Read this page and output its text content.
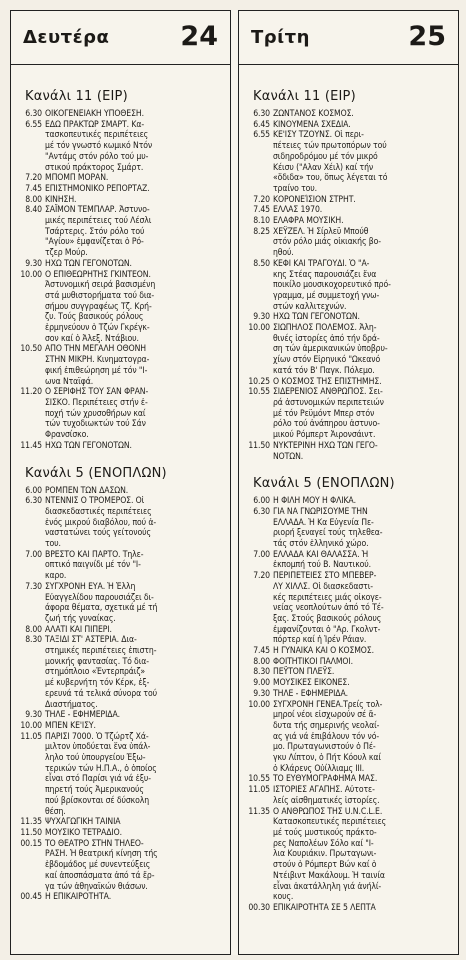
Δευτέρα	24
Κανάλι 11 (ΕΙΡ)
6.30 ΟΙΚΟΓΕΝΕΙΑΚΗ ΥΠΟΘΕΣΗ.
6.55 ΕΔΩ ΠΡΑΚΤΩΡ ΣΜΑΡΤ. Κα-
τασκοπευτικές περιπέτειες
μέ τόν γνωστό κωμικό Ντόν
"Αντάμς στόν ρόλο τού μυ-
στικού πράκτορος Σμάρτ.
7.20 ΜΠΟΜΠ ΜΟΡΑΝ.
7.45 ΕΠΙΣΤΗΜΟΝΙΚΟ ΡΕΠΟΡΤΑΖ.
8.00 ΚΙΝΗΣΗ.
8.40 ΣΑΪΜΟΝ ΤΕΜΠΛΑΡ. Ἀστυνο-
μικές περιπέτειες τού Λέσλι
Τσάρτερις. Στόν ρόλο τού
"Αγίου» ἐμφανίζεται ὁ Ρό-
τζερ Μούρ.
9.30 ΗΧΩ ΤΩΝ ΓΕΓΟΝΟΤΩΝ.
10.00 Ο ΕΠΙΘΕΩΡΗΤΗΣ ΓΚΙΝΤΕΟΝ.
Ἀστυνομική σειρά βασισμένη
στά μυθιστορήματα τού δια-
σήμου συγγραφέως Τζ. Κρή-
ζυ. Τούς βασικούς ρόλους
ἑρμηνεύουν ὁ Τζών Γκρέγκ-
σον καί ὁ Ἀλεξ. Ντάβιου.
10.50 ΑΠΟ ΤΗΝ ΜΕΓΑΛΗ ΟΘΟΝΗ
ΣΤΗΝ ΜΙΚΡΗ. Κινηματογρα-
φική ἐπιθεώρηση μέ τόν "Ι-
ωνα Νταϊφά.
11.20 Ο ΣΕΡΙΦΗΣ ΤΟΥ ΣΑΝ ΦΡΑΝ-
ΣΙΣΚΟ. Περιπέτειες στήν ἐ-
ποχή τών χρυσοθήρων καί
τών τυχοδιωκτών τού Σάν
Φρανσίσκο.
11.45 ΗΧΩ ΤΩΝ ΓΕΓΟΝΟΤΩΝ.
Κανάλι 5 (ΕΝΟΠΛΩΝ)
6.00 ΡΟΜΠΕΝ ΤΩΝ ΔΑΣΩΝ.
6.30 ΝΤΕΝΝΙΣ Ο ΤΡΟΜΕΡΟΣ. Οἱ
διασκεδαστικές περιπέτειες
ἑνός μικρού διαβόλου, πού ἀ-
ναστατώνει τούς γείτονούς
του.
7.00 ΒΡΕΣΤΟ ΚΑΙ ΠΑΡΤΟ. Τηλε-
οπτικό παιγνίδι μέ τόν "Ι-
καρο.
7.30 ΣΥΓΧΡΟΝΗ ΕΥΑ. Ἡ Ἑλλη
Εὐαγγελίδου παρουσιάζει δι-
άφορα θέματα, σχετικά μέ τή
ζωή τής γυναίκας.
8.00 ΑΛΑΤΙ ΚΑΙ ΠΙΠΕΡΙ.
8.30 ΤΑΞΙΔΙ ΣΤ' ΑΣΤΕΡΙΑ. Δια-
στημικές περιπέτειες ἐπιστη-
μονικής φαντασίας. Τό δια-
στημόπλοιο «Ἐντερπράιζ»
μέ κυβερνήτη τόν Κέρκ, ἐξ-
ερευνά τά τελικά σύνορα τού
Διαστήματος.
9.30 ΤΗΛΕ - ΕΦΗΜΕΡΙΔΑ.
10.00 ΜΠΕΝ ΚΕ'ΙΣΥ.
11.05 ΠΑΡΙΣΙ 7000. Ὁ Τζώρτζ Χά-
μιλτον ὑποδύεται ἕνα ὑπάλ-
ληλο τού ὑπουργείου Ἐξω-
τερικών τών Η.Π.Α., ὁ ὁποίος
εἶναι στό Παρίσι γιά νά ἐξυ-
πηρετή τούς Ἀμερικανούς
πού βρίσκονται σέ δύσκολη
θέση.
11.35 ΨΥΧΑΓΩΓΙΚΗ ΤΑΙΝΙΑ
11.50 ΜΟΥΣΙΚΟ ΤΕΤΡΑΔΙΟ.
00.15 ΤΟ ΘΕΑΤΡΟ ΣΤΗΝ ΤΗΛΕΟ-
ΡΑΣΗ. Ἡ θεατρική κίνηση τής
ἑβδομάδος μέ συνεντεύξεις
καί ἀποσπάσματα ἀπό τά ἔρ-
γα τών ἀθηναϊκών θιάσων.
00.45 Η ΕΠΙΚΑΙΡΟΤΗΤΑ.
Τρίτη	25
Κανάλι 11 (ΕΙΡ)
6.30 ΖΩΝΤΑΝΟΣ ΚΟΣΜΟΣ.
6.45 ΚΙΝΟΥΜΕΝΑ ΣΧΕΔΙΑ.
6.55 ΚΕ'ΙΣΥ ΤΖΟΥΝΣ. Οἱ περι-
πέτειες τών πρωτοπόρων τού
σιδηροδρόμου μέ τόν μικρό
Κέισυ ("Αλαν Χέιλ) καί τήν
«ὅδιδα» του, ὅπως λέγεται τό
τραίνο του.
7.20 ΚΟΡΟΝΕΊΣΙΟΝ ΣΤΡΗΤ.
7.45 ΕΛΛΑΣ 1970.
8.10 ΕΛΑΦΡΑ ΜΟΥΣΙΚΗ.
8.25 ΧΕΫΖΕΛ. Ἡ Σίρλεϋ Μπούθ
στόν ρόλο μιάς οἰκιακής βο-
ηθού.
8.50 ΚΕΦΙ ΚΑΙ ΤΡΑΓΟΥΔΙ. Ὁ "Α-
κης Στέας παρουσιάζει ἕνα
ποικίλο μουσικοχορευτικό πρό-
γραμμα, μέ συμμετοχή γνω-
στών καλλιτεχνών.
9.30 ΗΧΩ ΤΩΝ ΓΕΓΟΝΟΤΩΝ.
10.00 ΣΙΩΠΗΛΟΣ ΠΟΛΕΜΟΣ. Ἀλη-
θινές ἱστορίες ἀπό τήν δρά-
ση τών ἀμερικανικών ὑποβρυ-
χίων στόν Εἰρηνικό "Ωκεανό
κατά τόν Β' Παγκ. Πόλεμο.
10.25 Ο ΚΟΣΜΟΣ ΤΗΣ ΕΠΙΣΤΗΜΗΣ.
10.55 ΣΙΔΕΡΕΝΙΟΣ ΑΝΘΡΩΠΟΣ. Σει-
ρά ἀστυνομικών περιπετειών
μέ τόν Ρεϋμόντ Μπερ στόν
ρόλο τού ἀνάπηρου ἀστυνο-
μικού Ρόμπερτ Ἀιρονσάιντ.
11.50 ΝΥΚΤΕΡΙΝΗ ΗΧΩ ΤΩΝ ΓΕΓΟ-
ΝΟΤΩΝ.
Κανάλι 5 (ΕΝΟΠΛΩΝ)
6.00 Η ΦΙΛΗ ΜΟΥ Η ΦΛΙΚΑ.
6.30 ΓΙΑ ΝΑ ΓΝΩΡΙΣΟΥΜΕ ΤΗΝ
ΕΛΛΑΔΑ. Ἡ Κα Εὐγενία Πε-
ριορή ξεναγεί τούς τηλεθεα-
τάς στόν ἑλληνικό χώρο.
7.00 ΕΛΛΑΔΑ ΚΑΙ ΘΑΛΑΣΣΑ. Ἡ
ἐκπομπή τού Β. Ναυτικού.
7.20 ΠΕΡΙΠΕΤΕΙΕΣ ΣΤΟ ΜΠΕΒΕΡ-
ΛΥ ΧΙΛΛΣ. Οἱ διασκεδαστι-
κές περιπέτειες μιάς οἰκογε-
νείας νεοπλούτων ἀπό τό Τέ-
ξας. Στούς βασικούς ρόλους
ἐμφανίζονται ὁ "Αρ. Γκολντ-
πόρτερ καί ἡ Ἰρέν Ράιαν.
7.45 Η ΓΥΝΑΙΚΑ ΚΑΙ Ο ΚΟΣΜΟΣ.
8.00 ΦΟΙΤΗΤΙΚΟΙ ΠΑΛΜΟΙ.
8.30 ΠΕΫΤΟΝ ΠΛΕΫΣ.
9.00 ΜΟΥΣΙΚΕΣ ΕΙΚΟΝΕΣ.
9.30 ΤΗΛΕ - ΕΦΗΜΕΡΙΔΑ.
10.00 ΣΥΓΧΡΟΝΗ ΓΕΝΕΑ.Τρείς τολ-
μηροί νέοι εἰσχωρούν σέ ἄ-
δυτα τής σημερινής νεολαί-
ας γιά νά ἐπιβάλουν τόν νό-
μο. Πρωταγωνιστούν ὁ Πέ-
γκυ Λίπτον, ὁ Πήτ Κόουλ καί
ὁ Κλάρενς Οὐίλλιαμς ΙΙΙ.
10.55 ΤΟ ΕΥΘΥΜΟΓΡΑΦΗΜΑ ΜΑΣ.
11.05 ΙΣΤΟΡΙΕΣ ΑΓΑΠΗΣ. Αὐτοτε-
λείς αἰσθηματικές ἱστορίες.
11.35 Ο ΑΝΘΡΩΠΟΣ ΤΗΣ U.N.C.L.E.
Κατασκοπευτικές περιπέτειες
μέ τούς μυστικούς πράκτο-
ρες Ναπολέων Σόλο καί "Ι-
λια Κουριάκιν. Πρωταγωνι-
στούν ὁ Ρόμπερτ Βών καί ὁ
Ντέιβιντ Μακάλουμ. Ἡ ταινία
εἶναι ἀκατάλληλη γιά ἀνήλί-
κους.
00.30 ΕΠΙΚΑΙΡΟΤΗΤΑ ΣΕ 5 ΛΕΠΤΑ
